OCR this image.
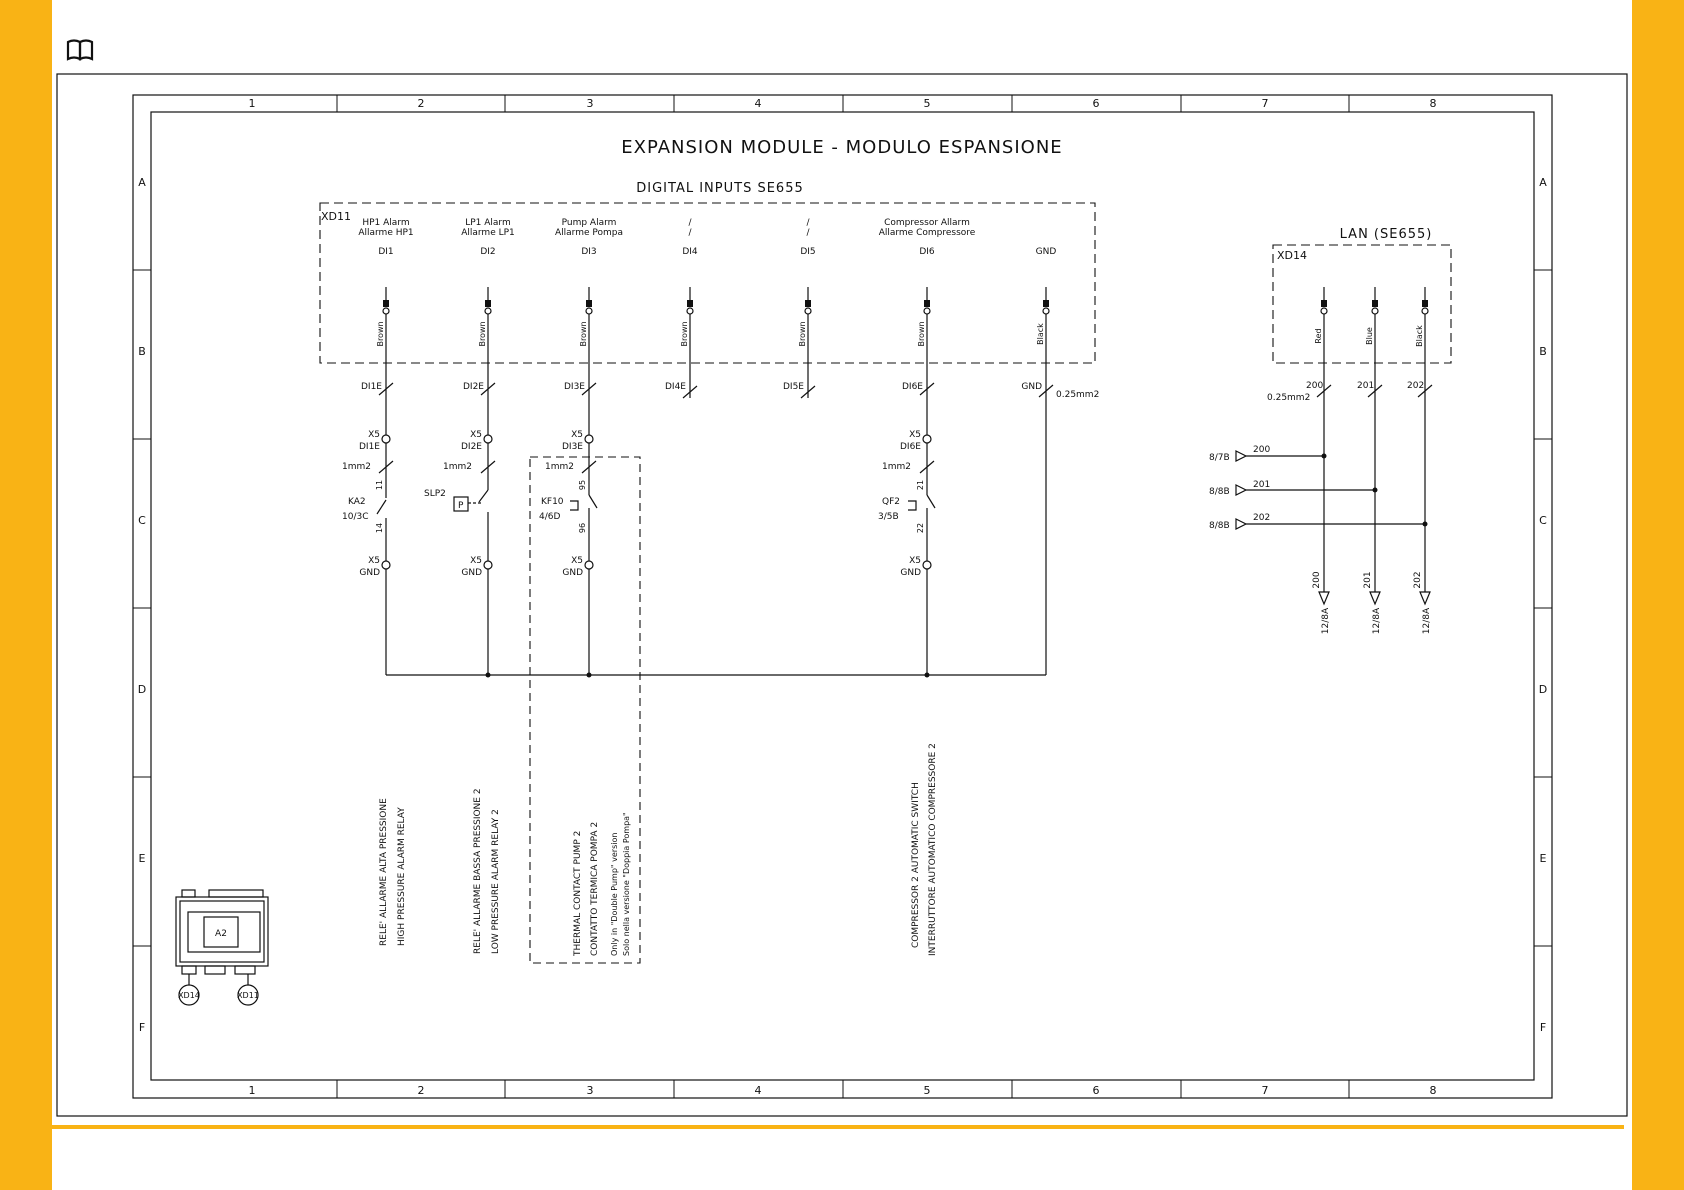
1	2	3	4	5	6	7	8
1	2	3	4	5	6	7	8
A
B
C
D
E
F
A
B
C
D
E
F
EXPANSION MODULE - MODULO ESPANSIONE
DIGITAL INPUTS SE655
XD11 HP1 Alarm
Allarme HP1
LP1 Alarm
Allarme LP1
Pump Alarm
Allarme Pompa
/
/
/
/
Compressor Allarm
Allarme Compressore
DI1	DI2	DI3	DI4	DI5	DI6	GND
Brown	Brown	Brown	Brown	Brown	Brown	Black
DI1E	DI2E	DI3E	DI4E	DI5E	DI6E	GND
0.25mm2
X5
DI1E
X5
DI2E
X5
DI3E
X5
DI6E
1mm2	1mm2	1mm2	1mm2
X5
GND
X5
GND
X5
GND
X5
GND
KA2
10/3C
SLP2
P	KF10
4/6D
QF2
3/5B
11
14
95
96
21
22
LAN (SE655)
XD14
Red	Blue	Black
200	201	202
0.25mm2
200
201
202
8/7B
8/8B
8/8B
200	201	202
12/8A	12/8A	12/8A
RELE' ALLARME ALTA PRESSIONE HIGH PRESSURE ALARM RELAY	RELE' ALLARME BASSA PRESSIONE 2 LOW PRESSURE ALARM RELAY 2	THERMAL CONTACT PUMP 2 CONTATTO TERMICA POMPA 2	COMPRESSOR 2 AUTOMATIC SWITCH INTERRUTTORE AUTOMATICO COMPRESSORE 2
Only in "Double Pump" version Solo nella versione "Doppia Pompa"
A2
XD14	XD11
